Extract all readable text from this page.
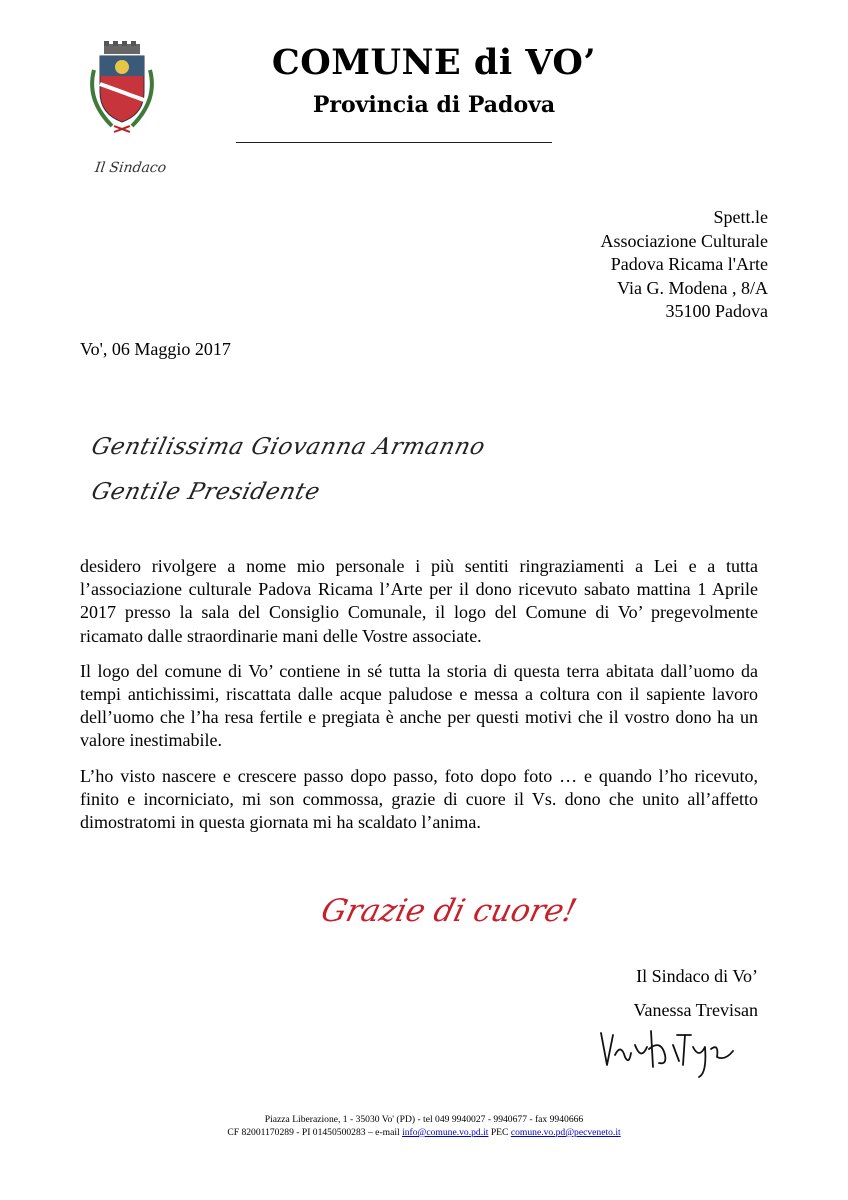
COMUNE di VO’
Provincia di Padova
Il Sindaco
Spett.le
Associazione Culturale
Padova Ricama l'Arte
Via G. Modena , 8/A
35100 Padova
Vo', 06 Maggio 2017
Gentilissima Giovanna Armanno
Gentile Presidente

desidero rivolgere a nome mio personale i più sentiti ringraziamenti a Lei e a tutta l’associazione culturale Padova Ricama l’Arte per il dono ricevuto sabato mattina 1 Aprile 2017 presso la sala del Consiglio Comunale, il logo del Comune di Vo’ pregevolmente ricamato dalle straordinarie mani delle Vostre associate.

Il logo del comune di Vo’ contiene in sé tutta la storia di questa terra abitata dall’uomo da tempi antichissimi, riscattata dalle acque paludose e messa a coltura con il sapiente lavoro dell’uomo che l’ha resa fertile e pregiata è anche per questi motivi che il vostro dono ha un valore inestimabile.

L’ho visto nascere e crescere passo dopo passo, foto dopo foto … e quando l’ho ricevuto, finito e incorniciato, mi son commossa, grazie di cuore il Vs. dono che unito all’affetto dimostratomi in questa giornata mi ha scaldato l’anima.

Grazie di cuore!
Il Sindaco di Vo’
Vanessa Trevisan
Piazza Liberazione, 1 - 35030 Vo' (PD) - tel 049 9940027 - 9940677 - fax 9940666
CF 82001170289 - PI 01450500283 – e-mail info@comune.vo.pd.it PEC comune.vo.pd@pecveneto.it
